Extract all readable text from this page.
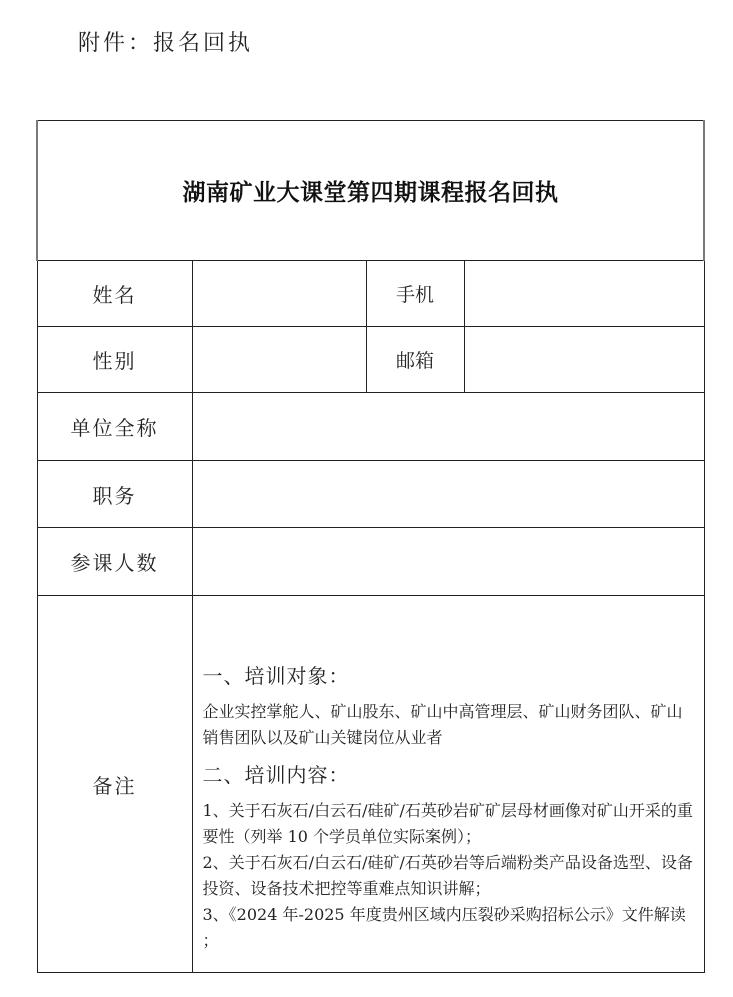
附件：报名回执
湖南矿业大课堂第四期课程报名回执			
姓名		手机	
性别		邮箱	
单位全称			
职务			
参课人数			
备注	
一、培训对象：

企业实控掌舵人、矿山股东、矿山中高管理层、矿山财务团队、矿山销售团队以及矿山关键岗位从业者

二、培训内容：
1、关于石灰石/白云石/硅矿/石英砂岩矿矿层母材画像对矿山开采的重要性（列举 10 个学员单位实际案例）；
2、关于石灰石/白云石/硅矿/石英砂岩等后端粉类产品设备选型、设备投资、设备技术把控等重难点知识讲解；
3、《2024 年-2025 年度贵州区域内压裂砂采购招标公示》文件解读 ；
